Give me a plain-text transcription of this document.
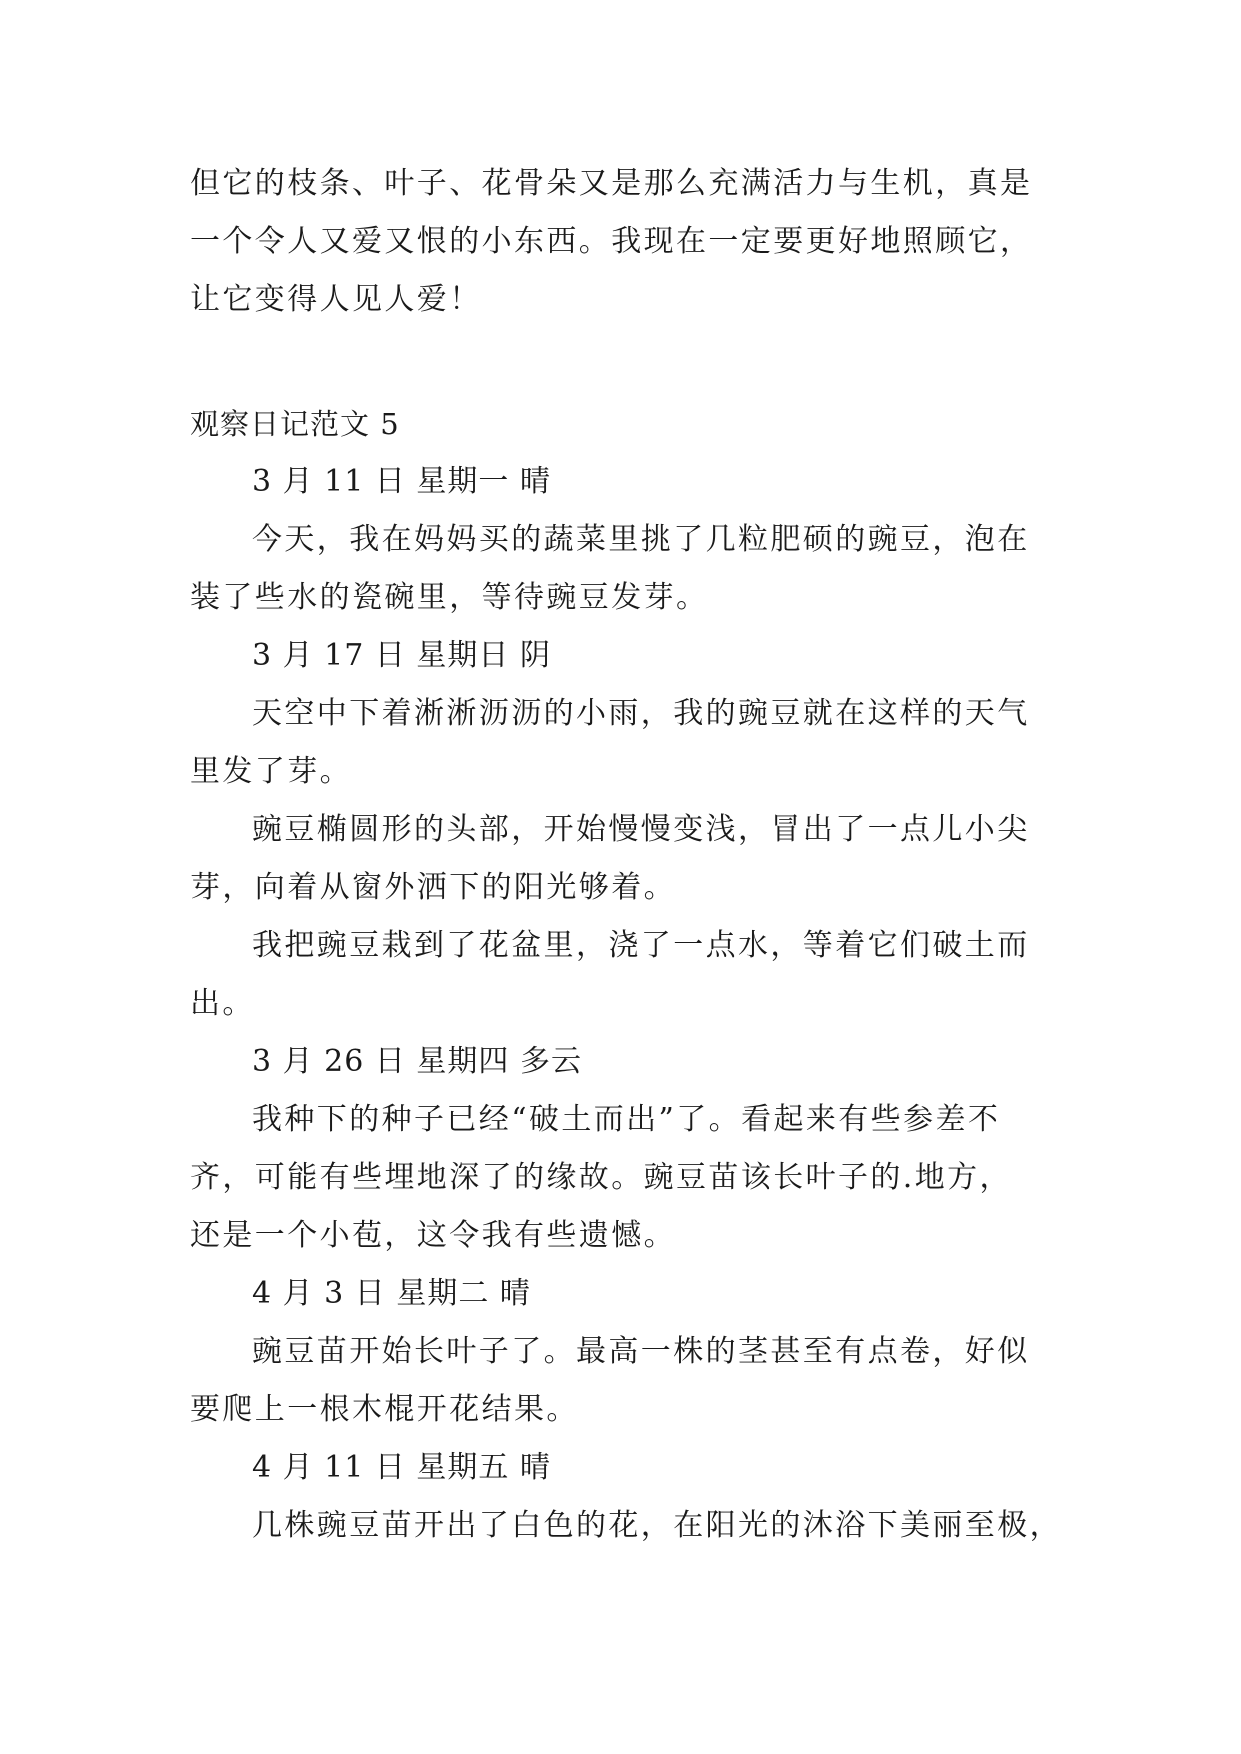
但它的枝条、叶子、花骨朵又是那么充满活力与生机，真是
一个令人又爱又恨的小东西。我现在一定要更好地照顾它，
让它变得人见人爱！
观察日记范文 5
3 月 11 日 星期一 晴
今天，我在妈妈买的蔬菜里挑了几粒肥硕的豌豆，泡在
装了些水的瓷碗里，等待豌豆发芽。
3 月 17 日 星期日 阴
天空中下着淅淅沥沥的小雨，我的豌豆就在这样的天气
里发了芽。
豌豆椭圆形的头部，开始慢慢变浅，冒出了一点儿小尖
芽，向着从窗外洒下的阳光够着。
我把豌豆栽到了花盆里，浇了一点水，等着它们破土而
出。
3 月 26 日 星期四 多云
我种下的种子已经“破土而出”了。看起来有些参差不
齐，可能有些埋地深了的缘故。豌豆苗该长叶子的.地方，
还是一个小苞，这令我有些遗憾。
4 月 3 日 星期二 晴
豌豆苗开始长叶子了。最高一株的茎甚至有点卷，好似
要爬上一根木棍开花结果。
4 月 11 日 星期五 晴
几株豌豆苗开出了白色的花，在阳光的沐浴下美丽至极，
